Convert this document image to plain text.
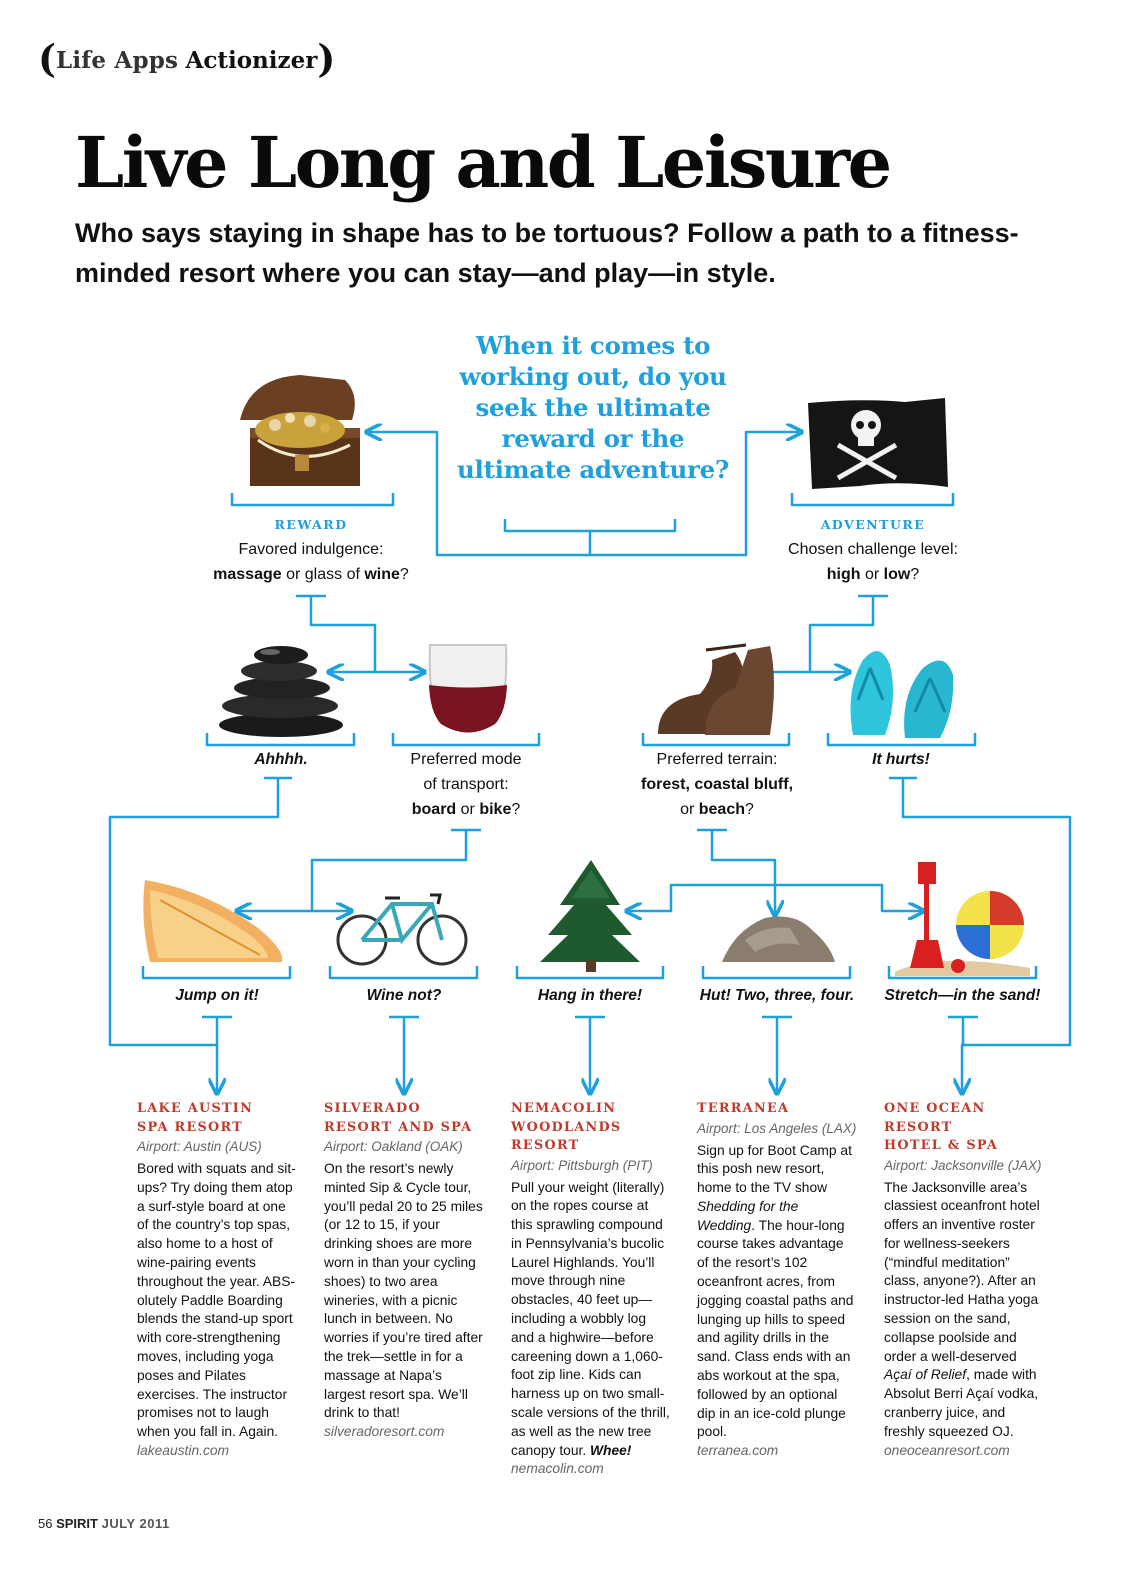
(Life Apps Actionizer)
Live Long and Leisure
Who says staying in shape has to be tortuous? Follow a path to a fitness-minded resort where you can stay—and play—in style.
When it comes to working out, do you seek the ultimate reward or the ultimate adventure?
REWARD
Favored indulgence:
massage or glass of wine?
ADVENTURE
Chosen challenge level:
high or low?
Ahhhh.	Preferred mode
of transport:
board or bike?
Preferred terrain:
forest, coastal bluff,
or beach?
It hurts!
Jump on it!	Wine not?	Hang in there!	Hut! Two, three, four.	Stretch—in the sand!
LAKE AUSTIN
SPA RESORT
Airport: Austin (AUS)
Bored with squats and sit-ups? Try doing them atop a surf-style board at one of the country’s top spas, also home to a host of wine-pairing events throughout the year. ABS-olutely Paddle Boarding blends the stand-up sport with core-strengthening moves, including yoga poses and Pilates exercises. The instructor promises not to laugh when you fall in. Again.
lakeaustin.com
SILVERADO
RESORT AND SPA
Airport: Oakland (OAK)
On the resort’s newly minted Sip & Cycle tour, you’ll pedal 20 to 25 miles (or 12 to 15, if your drinking shoes are more worn in than your cycling shoes) to two area wineries, with a picnic lunch in between. No worries if you’re tired after the trek—settle in for a massage at Napa’s largest resort spa. We’ll drink to that! silveradoresort.com
NEMACOLIN
WOODLANDS
RESORT
Airport: Pittsburgh (PIT)
Pull your weight (literally) on the ropes course at this sprawling compound in Pennsylvania’s bucolic Laurel Highlands. You’ll move through nine obstacles, 40 feet up—including a wobbly log and a highwire—before careening down a 1,060-foot zip line. Kids can harness up on two small-scale versions of the thrill, as well as the new tree canopy tour. Whee! nemacolin.com
TERRANEA
Airport: Los Angeles (LAX)
Sign up for Boot Camp at this posh new resort, home to the TV show Shedding for the Wedding. The hour-long course takes advantage of the resort’s 102 oceanfront acres, from jogging coastal paths and lunging up hills to speed and agility drills in the sand. Class ends with an abs workout at the spa, followed by an optional dip in an ice-cold plunge pool.
terranea.com
ONE OCEAN
RESORT
HOTEL & SPA
Airport: Jacksonville (JAX)
The Jacksonville area’s classiest oceanfront hotel offers an inventive roster for wellness-seekers (“mindful meditation” class, anyone?). After an instructor-led Hatha yoga session on the sand, collapse poolside and order a well-deserved Açaí of Relief, made with Absolut Berri Açaí vodka, cranberry juice, and freshly squeezed OJ. oneoceanresort.com
56 SPIRIT JULY 2011
